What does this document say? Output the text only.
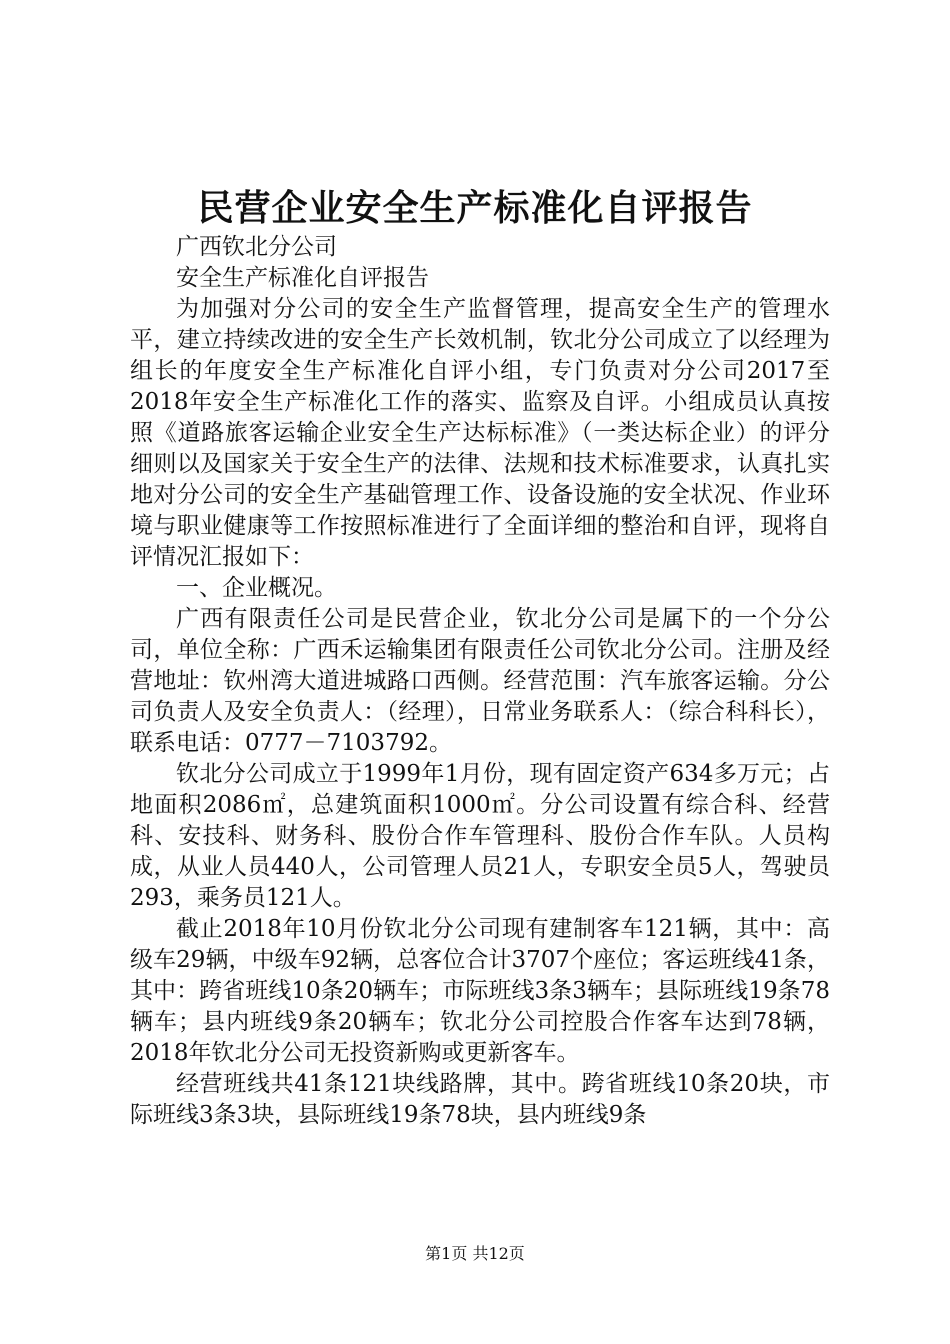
民营企业安全生产标准化自评报告

广西钦北分公司

安全生产标准化自评报告

为加强对分公司的安全生产监督管理，提高安全生产的管理水平，建立持续改进的安全生产长效机制，钦北分公司成立了以经理为组长的年度安全生产标准化自评小组，专门负责对分公司2017至2018年安全生产标准化工作的落实、监察及自评。小组成员认真按照《道路旅客运输企业安全生产达标标准》（一类达标企业）的评分细则以及国家关于安全生产的法律、法规和技术标准要求，认真扎实地对分公司的安全生产基础管理工作、设备设施的安全状况、作业环境与职业健康等工作按照标准进行了全面详细的整治和自评，现将自评情况汇报如下：

一、企业概况。

广西有限责任公司是民营企业，钦北分公司是属下的一个分公司，单位全称：广西禾运输集团有限责任公司钦北分公司。注册及经营地址：钦州湾大道进城路口西侧。经营范围：汽车旅客运输。分公司负责人及安全负责人：（经理），日常业务联系人：（综合科科长），联系电话：0777－7103792。

钦北分公司成立于1999年1月份，现有固定资产634多万元；占地面积2086㎡，总建筑面积1000㎡。分公司设置有综合科、经营科、安技科、财务科、股份合作车管理科、股份合作车队。人员构成，从业人员440人，公司管理人员21人，专职安全员5人，驾驶员293，乘务员121人。

截止2018年10月份钦北分公司现有建制客车121辆，其中：高级车29辆，中级车92辆，总客位合计3707个座位；客运班线41条，其中：跨省班线10条20辆车；市际班线3条3辆车；县际班线19条78辆车；县内班线9条20辆车；钦北分公司控股合作客车达到78辆，2018年钦北分公司无投资新购或更新客车。

经营班线共41条121块线路牌，其中。跨省班线10条20块，市际班线3条3块，县际班线19条78块，县内班线9条

第1页 共12页
